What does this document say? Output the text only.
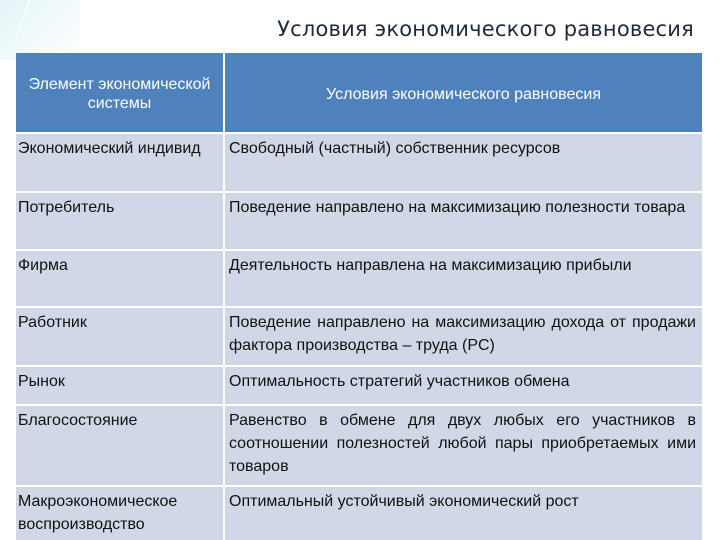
Условия экономического равновесия
Элемент экономической системы	Условия экономического равновесия
Экономический индивид	Свободный (частный) собственник ресурсов
Потребитель	Поведение направлено на максимизацию полезности товара
Фирма	Деятельность направлена на максимизацию прибыли
Работник	Поведение направлено на максимизацию дохода от продажи фактора производства – труда (PC)
Рынок	Оптимальность стратегий участников обмена
Благосостояние	Равенство в обмене для двух любых его участников в соотношении полезностей любой пары приобретаемых ими товаров
Макроэкономическое воспроизводство	Оптимальный устойчивый экономический рост
